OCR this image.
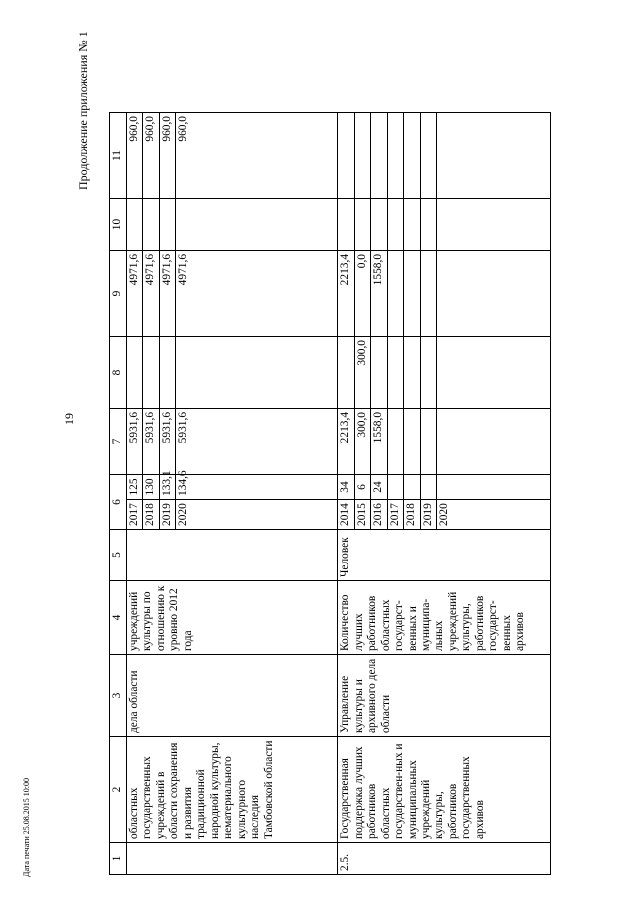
19
Продолжение приложения № 1
Дата печати 25.08.2015 10:00	1	2	3	4	5	6		7	8	9	10	11
	областных государственных учреждений в области сохранения и развития традиционной народной культуры, нематериального культурного наследия Тамбовской области	дела области	учреждений культуры по отношению к уровню 2012 года		2017	125	5931,6		4971,6		960,0
					2018	130	5931,6		4971,6		960,0
					2019	133,1	5931,6		4971,6		960,0
					2020	134,6	5931,6		4971,6		960,0

2.5.	Государственная поддержка лучших работников областных государствен-ных и муниципальных учреждений культуры, работников государственных архивов	Управление культуры и архивного дела области	Количество лучших работников областных государст-венных и муниципа-льных учреждений культуры, работников государст-венных архивов	Человек	2014	34	2213,4		2213,4		
					2015	6	300,0	300,0	0,0		
					2016	24	1558,0		1558,0		
					2017						
					2018						
					2019						
					2020						
